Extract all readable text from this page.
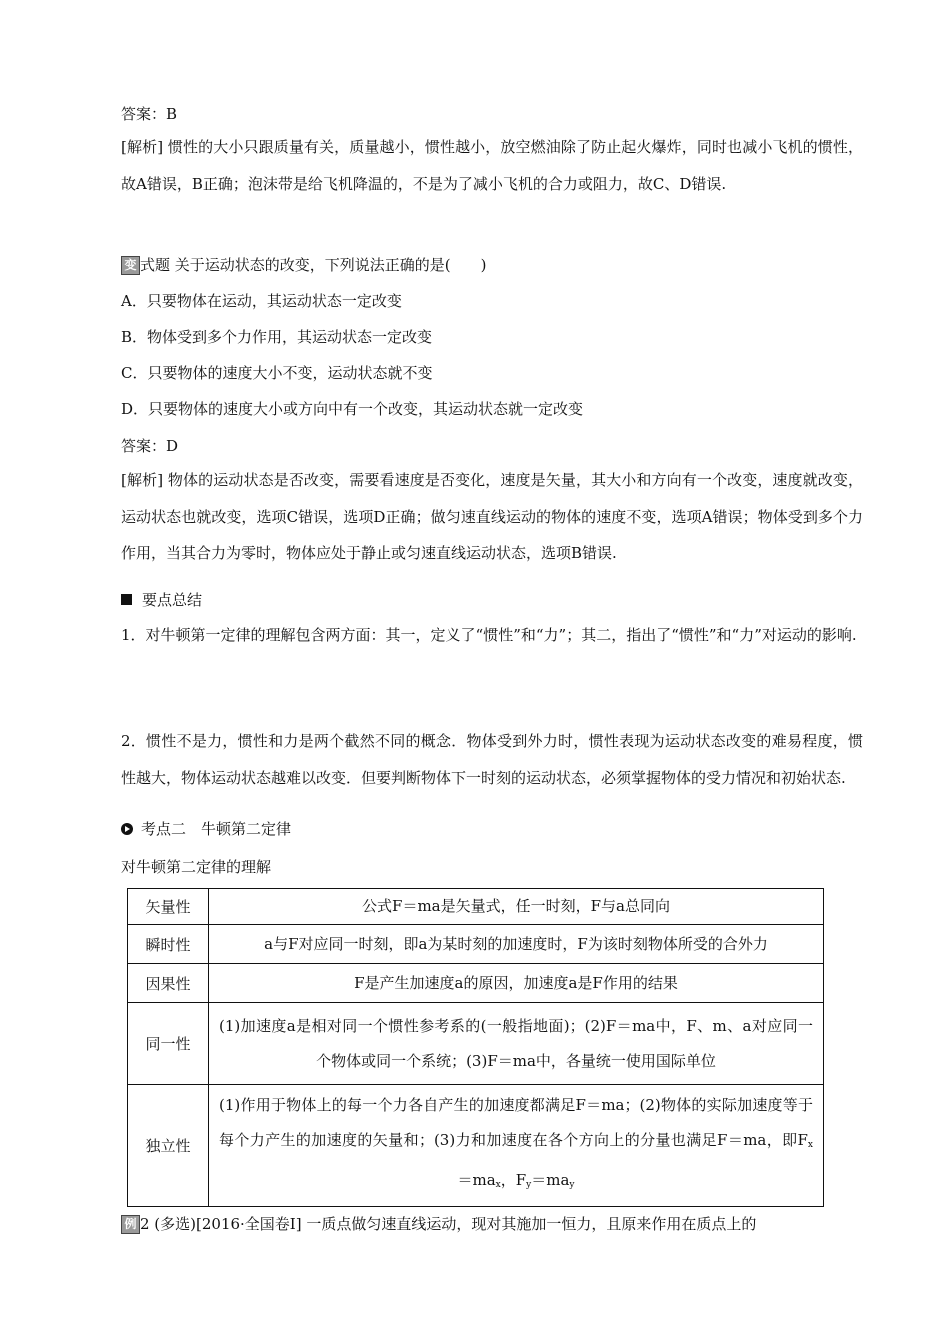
答案：B
[解析] 惯性的大小只跟质量有关，质量越小，惯性越小，放空燃油除了防止起火爆炸，同时也减小飞机的惯性，故A错误，B正确；泡沫带是给飞机降温的，不是为了减小飞机的合力或阻力，故C、D错误.
变 式题 关于运动状态的改变，下列说法正确的是(　　)
A．只要物体在运动，其运动状态一定改变
B．物体受到多个力作用，其运动状态一定改变
C．只要物体的速度大小不变，运动状态就不变
D．只要物体的速度大小或方向中有一个改变，其运动状态就一定改变
答案：D
[解析] 物体的运动状态是否改变，需要看速度是否变化，速度是矢量，其大小和方向有一个改变，速度就改变，运动状态也就改变，选项C错误，选项D正确；做匀速直线运动的物体的速度不变，选项A错误；物体受到多个力作用，当其合力为零时，物体应处于静止或匀速直线运动状态，选项B错误.
要点总结
1．对牛顿第一定律的理解包含两方面：其一，定义了“惯性”和“力”；其二，指出了“惯性”和“力”对运动的影响.
2．惯性不是力，惯性和力是两个截然不同的概念．物体受到外力时，惯性表现为运动状态改变的难易程度，惯性越大，物体运动状态越难以改变．但要判断物体下一时刻的运动状态，必须掌握物体的受力情况和初始状态.
考点二　牛顿第二定律
对牛顿第二定律的理解
矢量性	公式F＝ma是矢量式，任一时刻，F与a总同向
瞬时性	a与F对应同一时刻，即a为某时刻的加速度时，F为该时刻物体所受的合外力
因果性	F是产生加速度a的原因，加速度a是F作用的结果
同一性	(1)加速度a是相对同一个惯性参考系的(一般指地面)；(2)F＝ma中，F、m、a对应同一个物体或同一个系统；(3)F＝ma中，各量统一使用国际单位
独立性	(1)作用于物体上的每一个力各自产生的加速度都满足F＝ma；(2)物体的实际加速度等于每个力产生的加速度的矢量和；(3)力和加速度在各个方向上的分量也满足F＝ma，即$F_x=ma_x$，$F_y=ma_y$
例 2 (多选)[2016·全国卷Ⅰ] 一质点做匀速直线运动，现对其施加一恒力，且原来作用在质点上的
